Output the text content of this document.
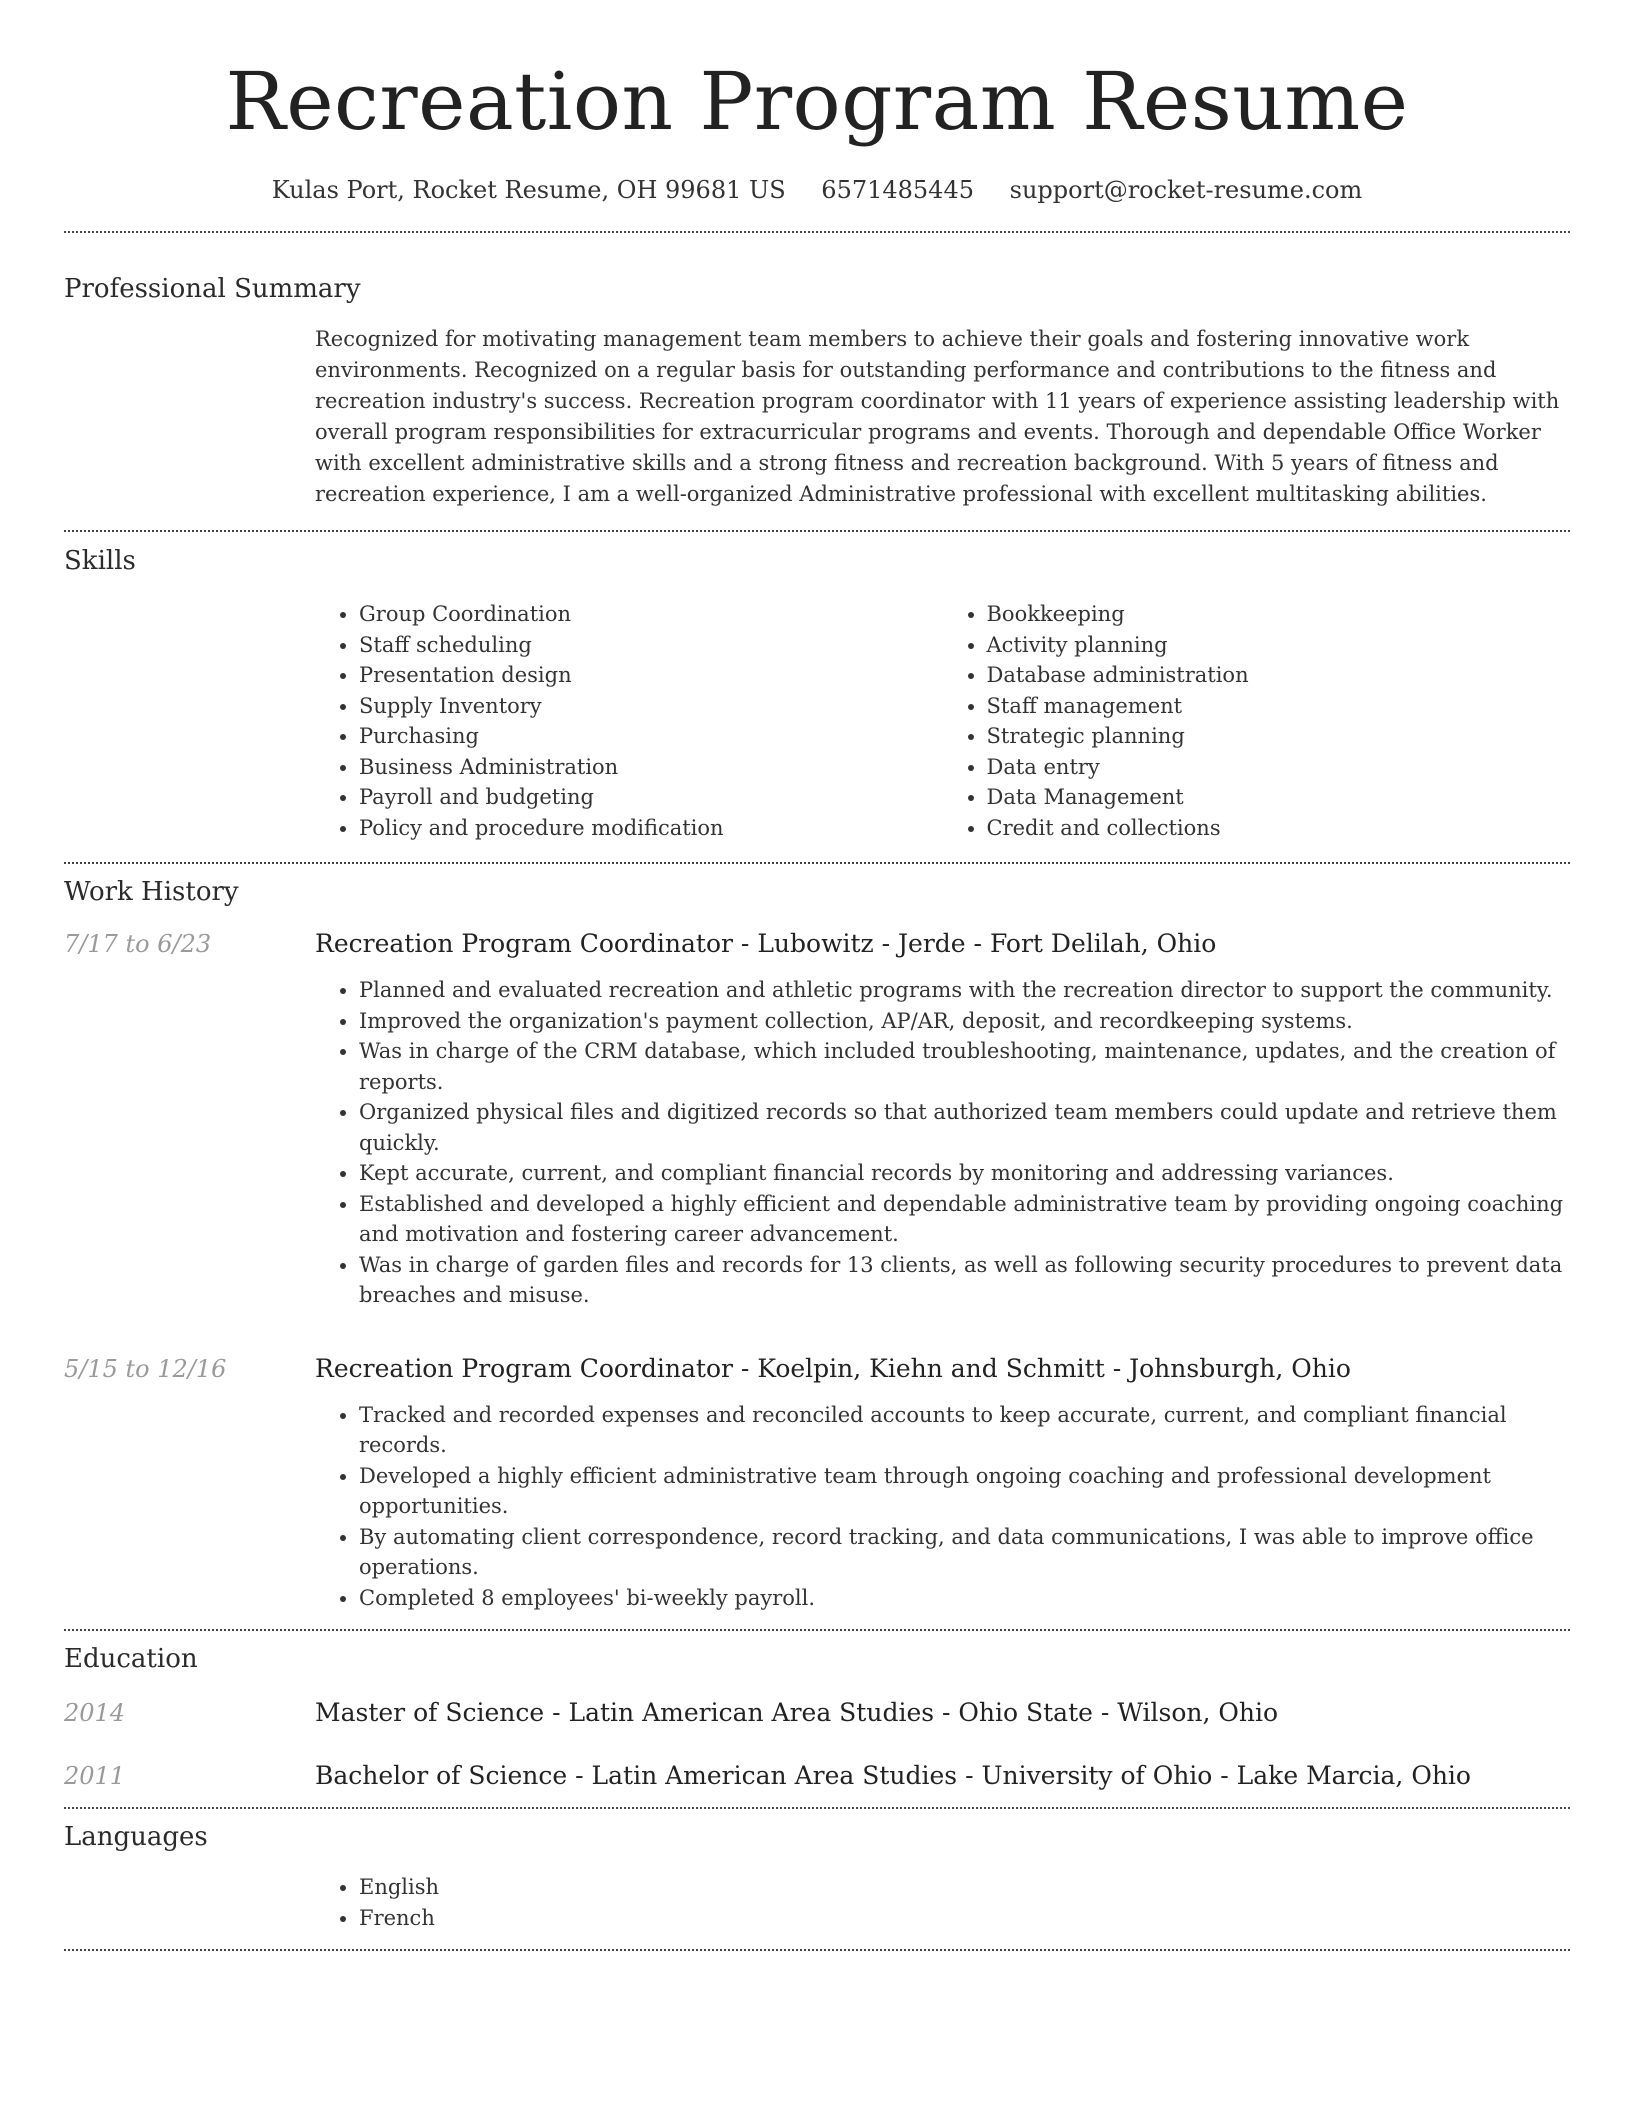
Recreation Program Resume
Kulas Port, Rocket Resume, OH 99681 US 6571485445 support@rocket-resume.com
Professional Summary

Recognized for motivating management team members to achieve their goals and fostering innovative work environments. Recognized on a regular basis for outstanding performance and contributions to the fitness and recreation industry's success. Recreation program coordinator with 11 years of experience assisting leadership with overall program responsibilities for extracurricular programs and events. Thorough and dependable Office Worker with excellent administrative skills and a strong fitness and recreation background. With 5 years of fitness and recreation experience, I am a well-organized Administrative professional with excellent multitasking abilities.

Skills
• Group Coordination
• Staff scheduling
• Presentation design
• Supply Inventory
• Purchasing
• Business Administration
• Payroll and budgeting
• Policy and procedure modification
• Bookkeeping
• Activity planning
• Database administration
• Staff management
• Strategic planning
• Data entry
• Data Management
• Credit and collections
Work History
7/17 to 6/23	Recreation Program Coordinator - Lubowitz - Jerde - Fort Delilah, Ohio
• Planned and evaluated recreation and athletic programs with the recreation director to support the community.
• Improved the organization's payment collection, AP/AR, deposit, and recordkeeping systems.
• Was in charge of the CRM database, which included troubleshooting, maintenance, updates, and the creation of reports.
• Organized physical files and digitized records so that authorized team members could update and retrieve them quickly.
• Kept accurate, current, and compliant financial records by monitoring and addressing variances.
• Established and developed a highly efficient and dependable administrative team by providing ongoing coaching and motivation and fostering career advancement.
• Was in charge of garden files and records for 13 clients, as well as following security procedures to prevent data breaches and misuse.
5/15 to 12/16	Recreation Program Coordinator - Koelpin, Kiehn and Schmitt - Johnsburgh, Ohio
• Tracked and recorded expenses and reconciled accounts to keep accurate, current, and compliant financial records.
• Developed a highly efficient administrative team through ongoing coaching and professional development opportunities.
• By automating client correspondence, record tracking, and data communications, I was able to improve office operations.
• Completed 8 employees' bi-weekly payroll.
Education
2014	Master of Science - Latin American Area Studies - Ohio State - Wilson, Ohio
2011	Bachelor of Science - Latin American Area Studies - University of Ohio - Lake Marcia, Ohio
Languages
• English
• French
